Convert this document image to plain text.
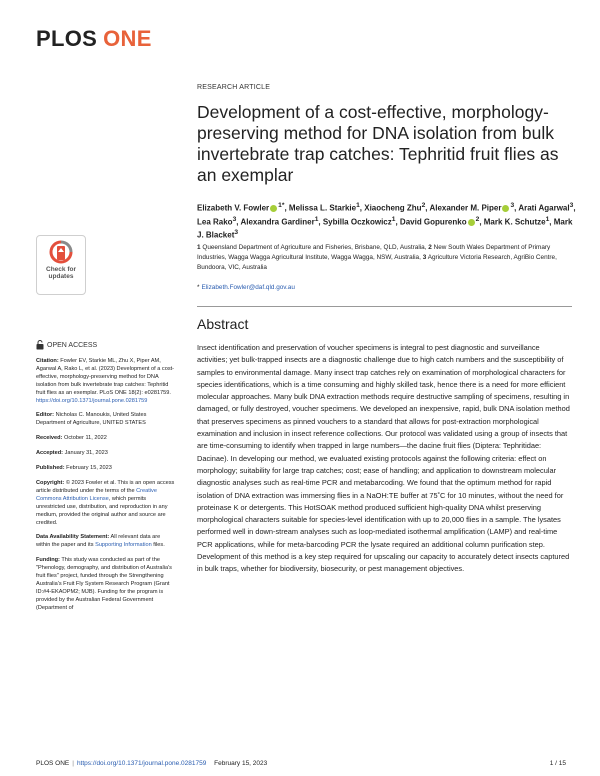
PLOS ONE
RESEARCH ARTICLE
Development of a cost-effective, morphology-preserving method for DNA isolation from bulk invertebrate trap catches: Tephritid fruit flies as an exemplar
Elizabeth V. Fowler $^{1*}$, Melissa L. Starkie$^1$, Xiaocheng Zhu$^2$, Alexander M. Piper $^3$, Arati Agarwal$^3$, Lea Rako$^3$, Alexandra Gardiner$^1$, Sybilla Oczkowicz$^1$, David Gopurenko $^2$, Mark K. Schutze$^1$, Mark J. Blacket$^3$
1 Queensland Department of Agriculture and Fisheries, Brisbane, QLD, Australia, 2 New South Wales Department of Primary Industries, Wagga Wagga Agricultural Institute, Wagga Wagga, NSW, Australia, 3 Agriculture Victoria Research, AgriBio Centre, Bundoora, VIC, Australia
* Elizabeth.Fowler@daf.qld.gov.au
Check for
updates
OPEN ACCESS
Citation: Fowler EV, Starkie ML, Zhu X, Piper AM, Agarwal A, Rako L, et al. (2023) Development of a cost-effective, morphology-preserving method for DNA isolation from bulk invertebrate trap catches: Tephritid fruit flies as an exemplar. PLoS ONE 18(2): e0281759. https://doi.org/10.1371/journal.pone.0281759
Editor: Nicholas C. Manoukis, United States Department of Agriculture, UNITED STATES
Received: October 11, 2022
Accepted: January 31, 2023
Published: February 15, 2023
Copyright: © 2023 Fowler et al. This is an open access article distributed under the terms of the Creative Commons Attribution License, which permits unrestricted use, distribution, and reproduction in any medium, provided the original author and source are credited.
Data Availability Statement: All relevant data are within the paper and its Supporting Information files.
Funding: This study was conducted as part of the "Phenology, demography, and distribution of Australia's fruit flies" project, funded through the Strengthening Australia's Fruit Fly System Research Program (Grant ID:#4-EKAOPM2; MJB). Funding for the program is provided by the Australian Federal Government (Department of
Abstract

Insect identification and preservation of voucher specimens is integral to pest diagnostic and surveillance activities; yet bulk-trapped insects are a diagnostic challenge due to high catch numbers and the susceptibility of samples to environmental damage. Many insect trap catches rely on examination of morphological characters for species identifications, which is a time consuming and highly skilled task, hence there is a need for more efficient molecular approaches. Many bulk DNA extraction methods require destructive sampling of specimens, resulting in damaged, or fully destroyed, voucher specimens. We developed an inexpensive, rapid, bulk DNA isolation method that preserves specimens as pinned vouchers to a standard that allows for post-extraction morphological examination and inclusion in insect reference collections. Our protocol was validated using a group of insects that are time-consuming to identify when trapped in large numbers—the dacine fruit flies (Diptera: Tephritidae: Dacinae). In developing our method, we evaluated existing protocols against the following criteria: effect on morphology; suitability for large trap catches; cost; ease of handling; and application to downstream molecular diagnostic analyses such as real-time PCR and metabarcoding. We found that the optimum method for rapid isolation of DNA extraction was immersing flies in a NaOH:TE buffer at 75˚C for 10 minutes, without the need for proteinase K or detergents. This HotSOAK method produced sufficient high-quality DNA whilst preserving morphological characters suitable for species-level identification with up to 20,000 flies in a sample. The lysates performed well in down-stream analyses such as loop-mediated isothermal amplification (LAMP) and real-time PCR applications, while for meta-barcoding PCR the lysate required an additional column purification step. Development of this method is a key step required for upscaling our capacity to accurately detect insects captured in bulk traps, whether for biodiversity, biosecurity, or pest management objectives.

PLOS ONE | https://doi.org/10.1371/journal.pone.0281759 February 15, 2023	1 / 15
